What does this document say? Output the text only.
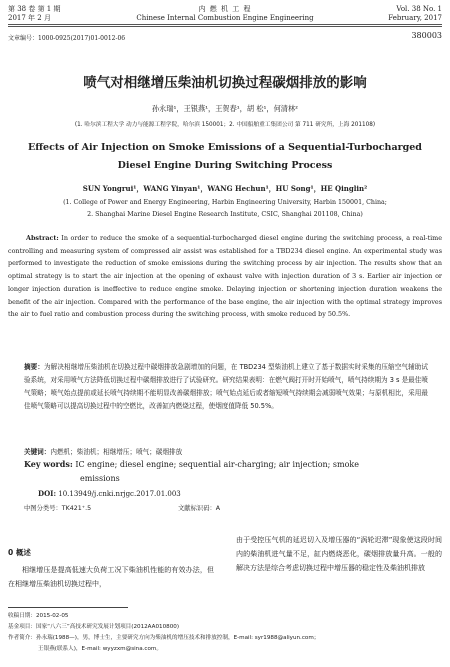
第 38 卷 第 1 期
2017 年 2 月
内 燃 机 工 程
Chinese Internal Combustion Engine Engineering
Vol. 38 No. 1
February, 2017
文章编号：1000-0925(2017)01-0012-06	380003
喷气对相继增压柴油机切换过程碳烟排放的影响
孙永瑞¹，王银燕¹，王贺春¹，胡 松¹，何清林²
(1. 哈尔滨工程大学 动力与能源工程学院，哈尔滨 150001；2. 中国船舶重工集团公司 第 711 研究所，上海 201108)
Effects of Air Injection on Smoke Emissions of a Sequential-Turbocharged
Diesel Engine During Switching Process
SUN Yongrui¹，WANG Yinyan¹，WANG Hechun¹，HU Song¹，HE Qinglin²
(1. College of Power and Energy Engineering, Harbin Engineering University, Harbin 150001, China;
2. Shanghai Marine Diesel Engine Research Institute, CSIC, Shanghai 201108, China)

Abstract: In order to reduce the smoke of a sequential-turbocharged diesel engine during the switching process, a real-time controlling and measuring system of compressed air assist was established for a TBD234 diesel engine. An experimental study was performed to investigate the reduction of smoke emissions during the switching process by air injection. The results show that an optimal strategy is to start the air injection at the opening of exhaust valve with injection duration of 3 s. Earlier air injection or longer injection duration is ineffective to reduce engine smoke. Delaying injection or shortening injection duration weakens the benefit of the air injection. Compared with the performance of the base engine, the air injection with the optimal strategy improves the air to fuel ratio and combustion process during the switching process, with smoke reduced by 50.5%.

摘要：为解决相继增压柴油机在切换过程中碳烟排放急剧增加的问题，在 TBD234 型柴油机上建立了基于数据实时采集的压缩空气辅助试验系统，对采用喷气方法降低切换过程中碳烟排放进行了试验研究。研究结果表明：在燃气阀打开时开始喷气，喷气持续期为 3 s 是最佳喷气策略；喷气始点提前或延长喷气持续期不能明显改善碳烟排放；喷气始点延后或者缩短喷气持续期会减弱喷气效果；与原机相比，采用最佳喷气策略可以提高切换过程中的空燃比，改善缸内燃烧过程，使烟度值降低 50.5%。

关键词：内燃机；柴油机；相继增压；喷气；碳烟排放
Key words: IC engine; diesel engine; sequential air-charging; air injection; smoke
emissions
DOI: 10.13949/j.cnki.nrjgc.2017.01.003
中图分类号：TK421⁺.5	文献标识码：A
0 概述

相继增压是提高低速大负荷工况下柴油机性能的有效办法，但在相继增压柴油机切换过程中，

由于受控压气机的延迟切入及增压器的“涡轮迟滞”现象使这段时间内的柴油机进气量不足，缸内燃烧恶化，碳烟排放量升高。一般的解决方法是综合考虑切换过程中增压器的稳定性及柴油机排放

收稿日期：2015-02-05
基金项目：国家“八六三”高技术研究发展计划项目(2012AA010800)
作者简介：孙永瑞(1988—)，男，博士生，主要研究方向为柴油机的增压技术和排放控制，E-mail: syr1988@aliyun.com；
王银燕(联系人)，E-mail: wyyzxm@sina.com。
